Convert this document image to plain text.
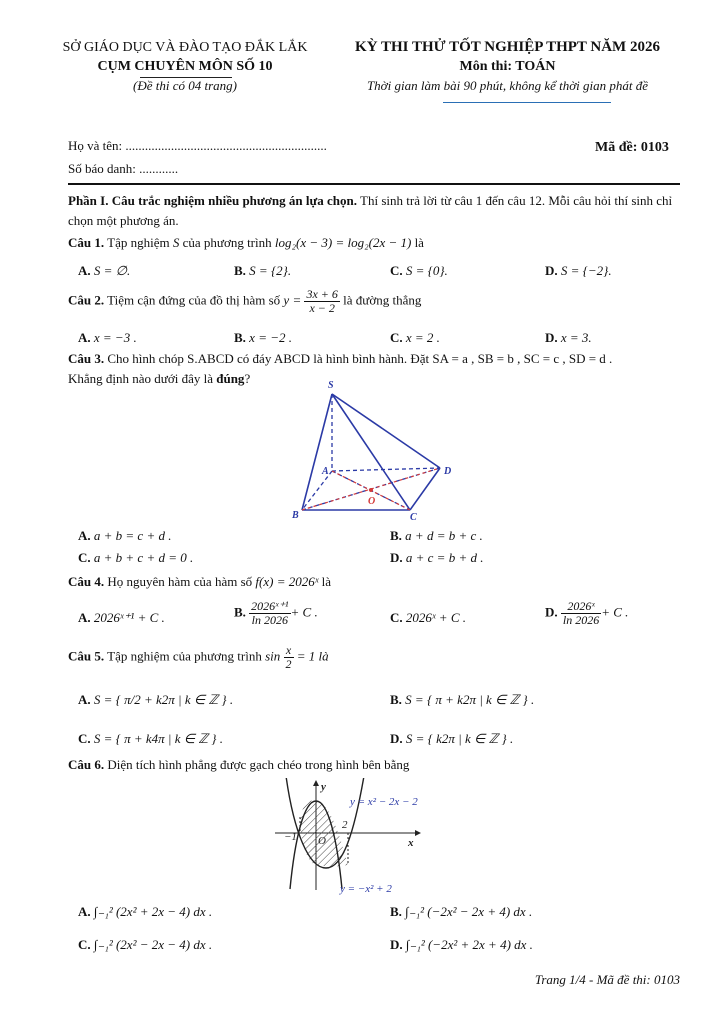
SỞ GIÁO DỤC VÀ ĐÀO TẠO ĐẮK LẮK
CỤM CHUYÊN MÔN SỐ 10
(Đề thi có 04 trang)
KỲ THI THỬ TỐT NGHIỆP THPT NĂM 2026
Môn thi: TOÁN
Thời gian làm bài 90 phút, không kể thời gian phát đề
Họ và tên: ..............................................................
Số báo danh: ............
Mã đề: 0103
Phần I. Câu trắc nghiệm nhiều phương án lựa chọn. Thí sinh trả lời từ câu 1 đến câu 12. Mỗi câu hỏi thí sinh chỉ chọn một phương án.
Câu 1. Tập nghiệm S của phương trình log₂(x − 3) = log₂(2x − 1) là
A. S = ∅.	B. S = {2}.	C. S = {0}.	D. S = {−2}.
Câu 2. Tiệm cận đứng của đồ thị hàm số $y = \frac{3x + 6}{x - 2}$ là đường thẳng
A. x = −3 .	B. x = −2 .	C. x = 2 .	D. x = 3.
Câu 3. Cho hình chóp S.ABCD có đáy ABCD là hình bình hành. Đặt SA = a , SB = b , SC = c , SD = d .
Khẳng định nào dưới đây là đúng?	S
A
B	C
D
O
A. a + b = c + d .	B. a + d = b + c .
C. a + b + c + d = 0 .	D. a + c = b + d .
Câu 4. Họ nguyên hàm của hàm số f(x) = 2026ˣ là
A. 2026ˣ⁺¹ + C .	B. $\frac{\text{2026ˣ⁺¹}}{\ln 2026} + C$ .	C. 2026ˣ + C .	D. $\frac{\text{2026ˣ}}{\ln 2026} + C$ .
Câu 5. Tập nghiệm của phương trình $\sin \frac{x}{2} = 1$ là
A. S = { π/2 + k2π | k ∈ ℤ } .	B. S = { π + k2π | k ∈ ℤ } .
C. S = { π + k4π | k ∈ ℤ } .	D. S = { k2π | k ∈ ℤ } .
Câu 6. Diện tích hình phẳng được gạch chéo trong hình bên bằng
y
x
O
−1
2
y = x² − 2x − 2
y = −x² + 2
A. ∫₋₁² (2x² + 2x − 4) dx .	B. ∫₋₁² (−2x² − 2x + 4) dx .
C. ∫₋₁² (2x² − 2x − 4) dx .	D. ∫₋₁² (−2x² + 2x + 4) dx .
Trang 1/4 - Mã đề thi: 0103
